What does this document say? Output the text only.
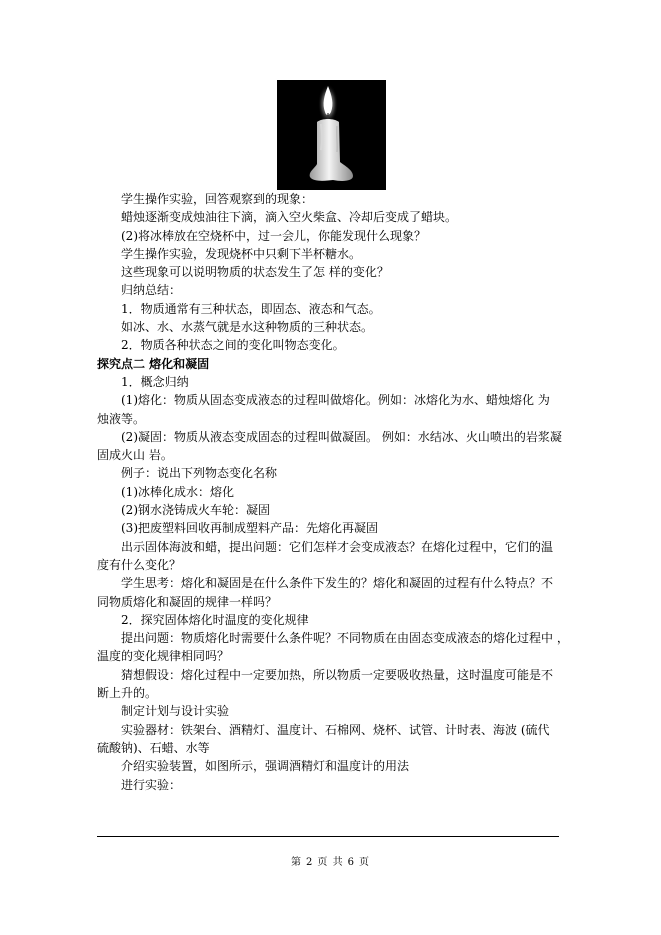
学生操作实验，回答观察到的现象：
蜡烛逐渐变成烛油往下滴，滴入空火柴盒、冷却后变成了蜡块。
(2)将冰棒放在空烧杯中，过一会儿，你能发现什么现象？
学生操作实验，发现烧杯中只剩下半杯糖水。
这些现象可以说明物质的状态发生了怎 样的变化？
归纳总结：
1．物质通常有三种状态，即固态、液态和气态。
如冰、水、水蒸气就是水这种物质的三种状态。
2．物质各种状态之间的变化叫物态变化。
探究点二 熔化和凝固
1．概念归纳
(1)熔化：物质从固态变成液态的过程叫做熔化。例如：冰熔化为水、蜡烛熔化 为
烛液等。
(2)凝固：物质从液态变成固态的过程叫做凝固。 例如：水结冰、火山喷出的岩浆凝
固成火山 岩。
例子：说出下列物态变化名称
(1)冰棒化成水：熔化
(2)钢水浇铸成火车轮：凝固
(3)把废塑料回收再制成塑料产品：先熔化再凝固
出示固体海波和蜡，提出问题：它们怎样才会变成液态？在熔化过程中，它们的温
度有什么变化？
学生思考：熔化和凝固是在什么条件下发生的？熔化和凝固的过程有什么特点？不
同物质熔化和凝固的规律一样吗？
2．探究固体熔化时温度的变化规律
提出问题：物质熔化时需要什么条件呢？不同物质在由固态变成液态的熔化过程中 ，
温度的变化规律相同吗？
猜想假设：熔化过程中一定要加热，所以物质一定要吸收热量，这时温度可能是不
断上升的。
制定计划与设计实验
实验器材：铁架台、酒精灯、温度计、石棉网、烧杯、试管、计时表、海波 (硫代
硫酸钠)、石蜡、水等
介绍实验装置，如图所示，强调酒精灯和温度计的用法
进行实验：
第 2 页 共 6 页
